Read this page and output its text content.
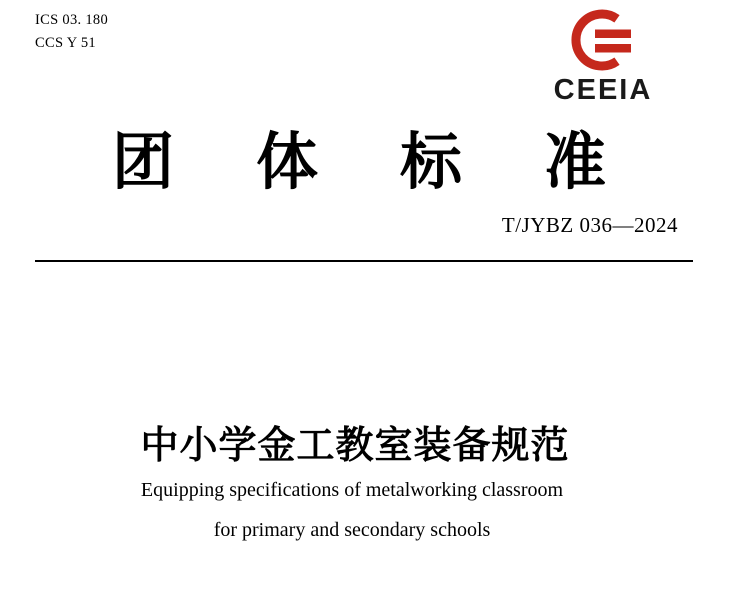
ICS 03. 180
CCS Y 51
CEEIA
团体标准
T/JYBZ 036—2024
中小学金工教室装备规范
Equipping specifications of metalworking classroom
for primary and secondary schools
